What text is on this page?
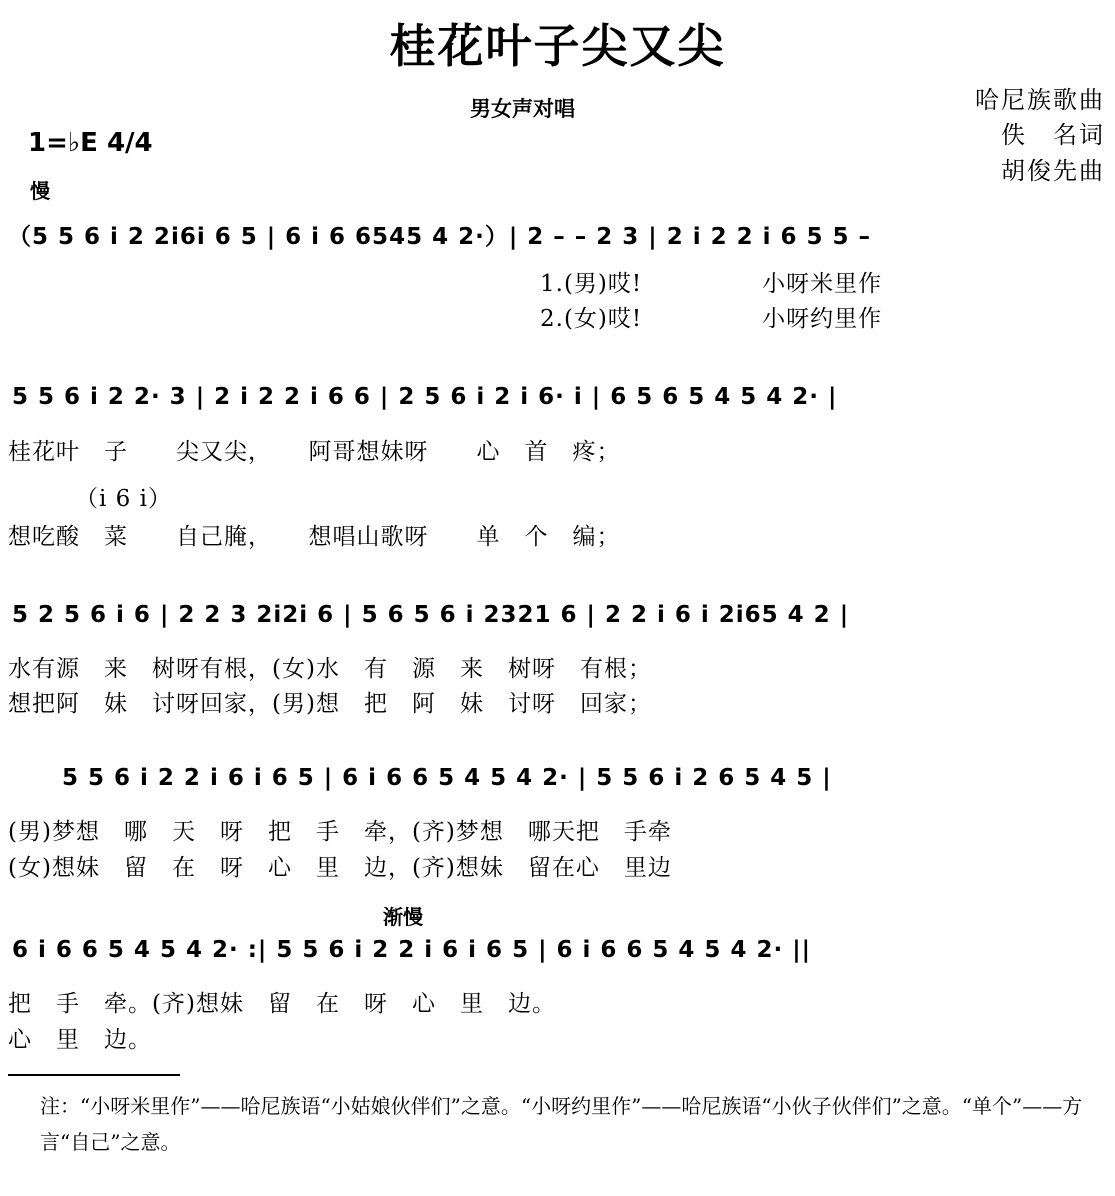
桂花叶子尖又尖
男女声对唱	哈尼族歌曲
佚　名词
胡俊先曲
1=♭E 4/4
慢
（5 5 6 i 2 2i6i 6 5 | 6 i 6 6545 4 2·）| 2 – – 2 3 | 2 i 2 2 i 6 5 5 –
1.(男)哎!　　　　　小呀米里作
2.(女)哎!　　　　　小呀约里作
5 5 6 i 2 2· 3 | 2 i 2 2 i 6 6 | 2 5 6 i 2 i 6· i | 6 5 6 5 4 5 4 2· |
桂花叶　子　　尖又尖，　　阿哥想妹呀　　心　首　疼；
（i 6 i）
想吃酸　菜　　自己腌，　　想唱山歌呀　　单　个　编；
5 2 5 6 i 6 | 2 2 3 2i2i 6 | 5 6 5 6 i 2321 6 | 2 2 i 6 i 2i65 4 2 |
水有源　来　树呀有根，(女)水　有　源　来　树呀　有根；
想把阿　妹　讨呀回家，(男)想　把　阿　妹　讨呀　回家；
5 5 6 i 2 2 i 6 i 6 5 | 6 i 6 6 5 4 5 4 2· | 5 5 6 i 2 6 5 4 5 |
(男)梦想　哪　天　呀　把　手　牵，(齐)梦想　哪天把　手牵
(女)想妹　留　在　呀　心　里　边，(齐)想妹　留在心　里边
渐慢
6 i 6 6 5 4 5 4 2· :| 5 5 6 i 2 2 i 6 i 6 5 | 6 i 6 6 5 4 5 4 2· ||
把　手　牵。(齐)想妹　留　在　呀　心　里　边。
心　里　边。
注：“小呀米里作”——哈尼族语“小姑娘伙伴们”之意。“小呀约里作”——哈尼族语“小伙子伙伴们”之意。“单个”——方言“自己”之意。
